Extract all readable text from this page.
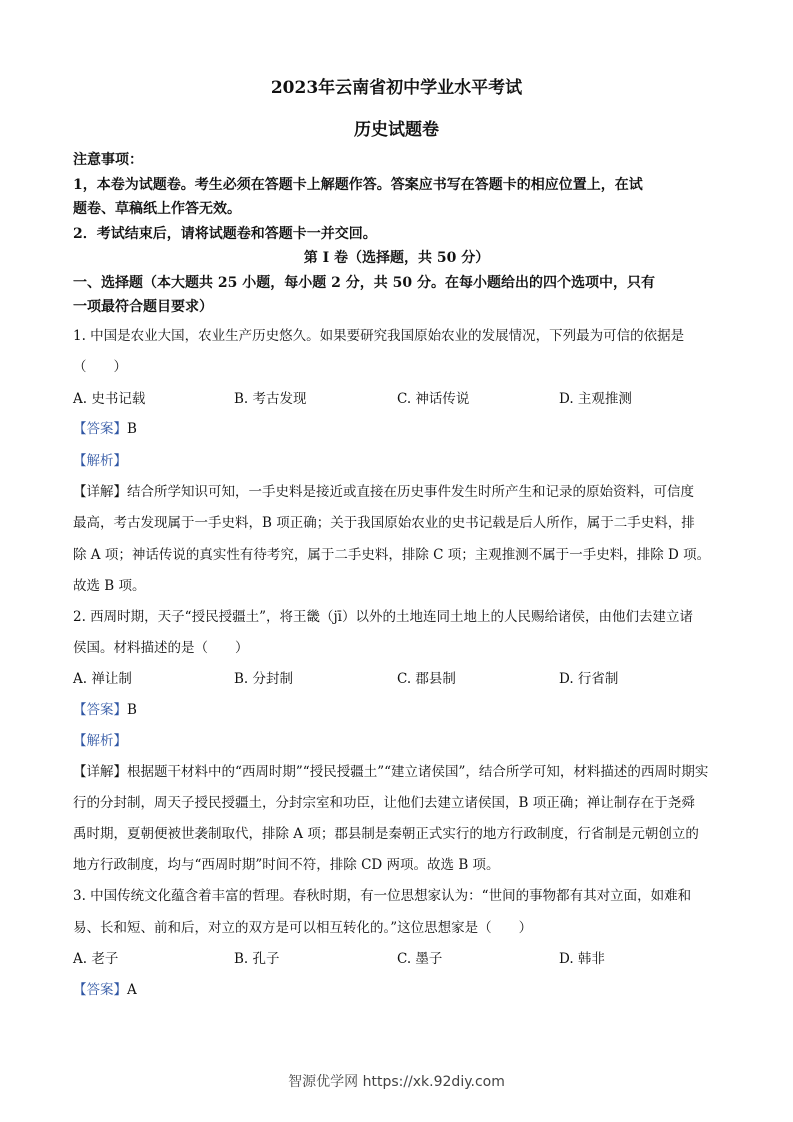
2023年云南省初中学业水平考试
历史试题卷
注意事项：
1，本卷为试题卷。考生必须在答题卡上解题作答。答案应书写在答题卡的相应位置上，在试
题卷、草稿纸上作答无效。
2．考试结束后，请将试题卷和答题卡一并交回。
第 I 卷（选择题，共 50 分）
一、选择题（本大题共 25 小题，每小题 2 分，共 50 分。在每小题给出的四个选项中，只有
一项最符合题目要求）
1. 中国是农业大国，农业生产历史悠久。如果要研究我国原始农业的发展情况，下列最为可信的依据是
（　　）
A. 史书记载	B. 考古发现	C. 神话传说	D. 主观推测
【答案】B
【解析】
【详解】结合所学知识可知，一手史料是接近或直接在历史事件发生时所产生和记录的原始资料，可信度
最高，考古发现属于一手史料，B 项正确；关于我国原始农业的史书记载是后人所作，属于二手史料，排
除 A 项；神话传说的真实性有待考究，属于二手史料，排除 C 项；主观推测不属于一手史料，排除 D 项。
故选 B 项。
2. 西周时期，天子“授民授疆土”，将王畿（jī）以外的土地连同土地上的人民赐给诸侯，由他们去建立诸
侯国。材料描述的是（　　）
A. 禅让制	B. 分封制	C. 郡县制	D. 行省制
【答案】B
【解析】
【详解】根据题干材料中的“西周时期”“授民授疆土”“建立诸侯国”，结合所学可知，材料描述的西周时期实
行的分封制，周天子授民授疆土，分封宗室和功臣，让他们去建立诸侯国，B 项正确；禅让制存在于尧舜
禹时期，夏朝便被世袭制取代，排除 A 项；郡县制是秦朝正式实行的地方行政制度，行省制是元朝创立的
地方行政制度，均与“西周时期”时间不符，排除 CD 两项。故选 B 项。
3. 中国传统文化蕴含着丰富的哲理。春秋时期，有一位思想家认为：“世间的事物都有其对立面，如难和
易、长和短、前和后，对立的双方是可以相互转化的。”这位思想家是（　　）
A. 老子	B. 孔子	C. 墨子	D. 韩非
【答案】A
智源优学网 https://xk.92diy.com
